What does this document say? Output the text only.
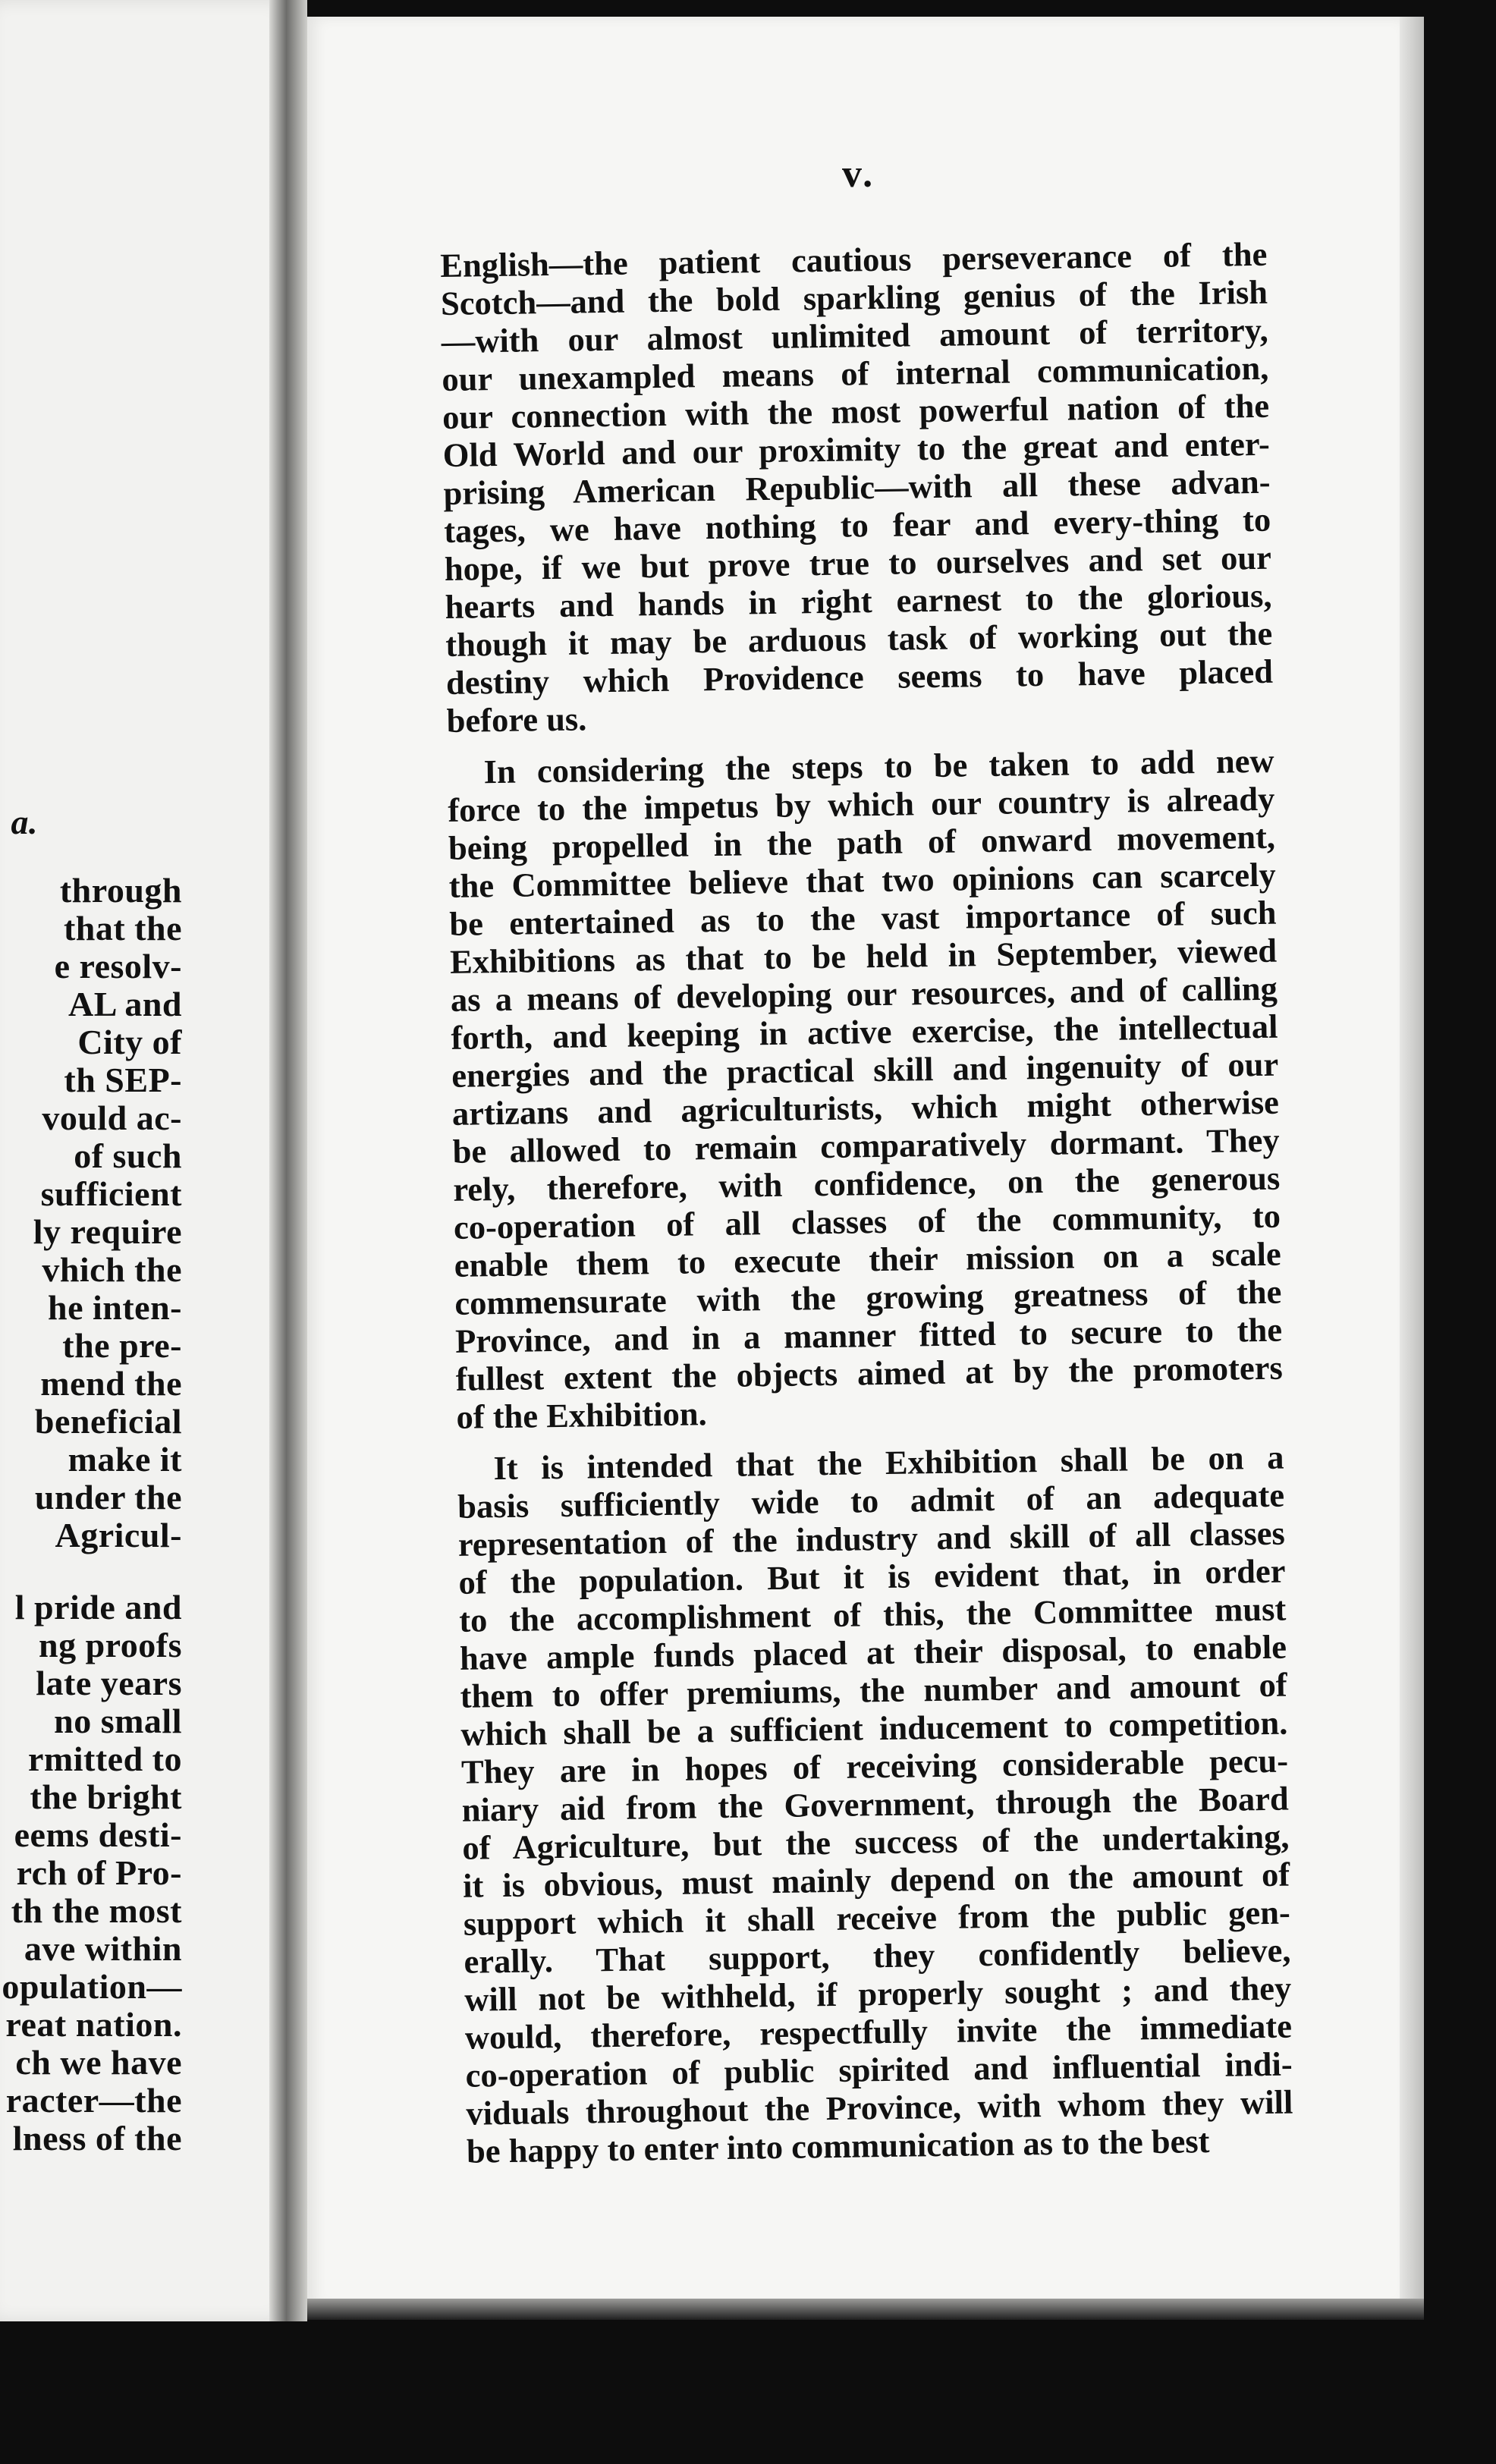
a.
through
that the
e resolv-
AL and
City of
th SEP-
vould ac-
of such
sufficient
ly require
vhich the
he inten-
the pre-
mend the
beneficial
make it
under the
Agricul-
l pride and
ng proofs
late years
no small
rmitted to
the bright
eems desti-
rch of Pro-
th the most
ave within
opulation—
reat nation.
ch we have
racter—the
lness of the
v.

English—the patient cautious perseverance of the
Scotch—and the bold sparkling genius of the Irish
—with our almost unlimited amount of territory,
our unexampled means of internal communication,
our connection with the most powerful nation of the
Old World and our proximity to the great and enter-
prising American Republic—with all these advan-
tages, we have nothing to fear and every-thing to
hope, if we but prove true to ourselves and set our
hearts and hands in right earnest to the glorious,
though it may be arduous task of working out the
destiny which Providence seems to have placed
before us.

In considering the steps to be taken to add new
force to the impetus by which our country is already
being propelled in the path of onward movement,
the Committee believe that two opinions can scarcely
be entertained as to the vast importance of such
Exhibitions as that to be held in September, viewed
as a means of developing our resources, and of calling
forth, and keeping in active exercise, the intellectual
energies and the practical skill and ingenuity of our
artizans and agriculturists, which might otherwise
be allowed to remain comparatively dormant. They
rely, therefore, with confidence, on the generous
co-operation of all classes of the community, to
enable them to execute their mission on a scale
commensurate with the growing greatness of the
Province, and in a manner fitted to secure to the
fullest extent the objects aimed at by the promoters
of the Exhibition.

It is intended that the Exhibition shall be on a
basis sufficiently wide to admit of an adequate
representation of the industry and skill of all classes
of the population. But it is evident that, in order
to the accomplishment of this, the Committee must
have ample funds placed at their disposal, to enable
them to offer premiums, the number and amount of
which shall be a sufficient inducement to competition.
They are in hopes of receiving considerable pecu-
niary aid from the Government, through the Board
of Agriculture, but the success of the undertaking,
it is obvious, must mainly depend on the amount of
support which it shall receive from the public gen-
erally. That support, they confidently believe,
will not be withheld, if properly sought ; and they
would, therefore, respectfully invite the immediate
co-operation of public spirited and influential indi-
viduals throughout the Province, with whom they will
be happy to enter into communication as to the best
